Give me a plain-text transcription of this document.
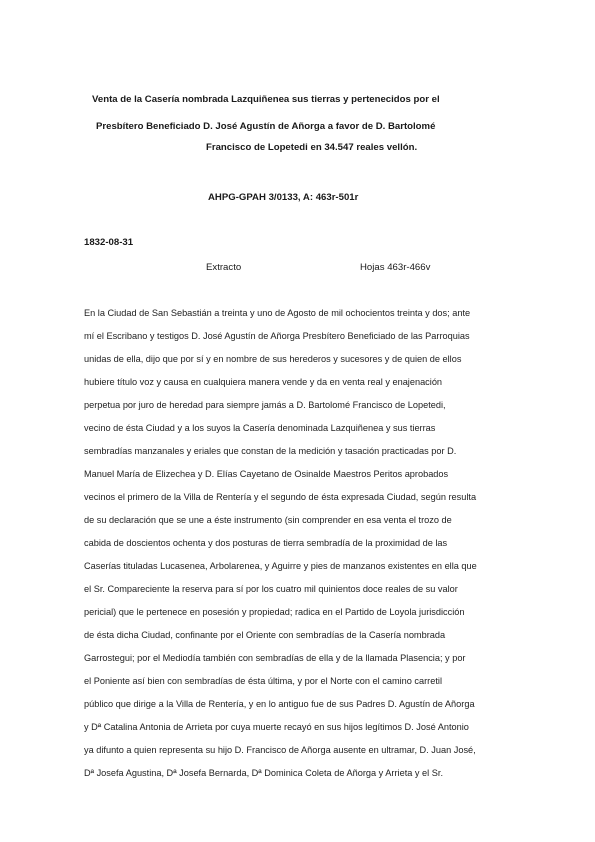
Venta de la Casería nombrada Lazquiñenea sus tierras y pertenecidos por el
Presbítero Beneficiado D. José Agustín de Añorga a favor de D. Bartolomé
Francisco de Lopetedi en 34.547 reales vellón.
AHPG-GPAH 3/0133, A: 463r-501r
1832-08-31
Extracto	Hojas 463r-466v
En la Ciudad de San Sebastián a treinta y uno de Agosto de mil ochocientos treinta y dos; ante
mí el Escribano y testigos D. José Agustín de Añorga Presbítero Beneficiado de las Parroquias
unidas de ella, dijo que por sí y en nombre de sus herederos y sucesores y de quien de ellos
hubiere título voz y causa en cualquiera manera vende y da en venta real y enajenación
perpetua por juro de heredad para siempre jamás a D. Bartolomé Francisco de Lopetedi,
vecino de ésta Ciudad y a los suyos la Casería denominada Lazquiñenea y sus tierras
sembradías manzanales y eriales que constan de la medición y tasación practicadas por D.
Manuel María de Elizechea y D. Elías Cayetano de Osinalde Maestros Peritos aprobados
vecinos el primero de la Villa de Rentería y el segundo de ésta expresada Ciudad, según resulta
de su declaración que se une a éste instrumento (sin comprender en esa venta el trozo de
cabida de doscientos ochenta y dos posturas de tierra sembradía de la proximidad de las
Caserías tituladas Lucasenea, Arbolarenea, y Aguirre y pies de manzanos existentes en ella que
el Sr. Compareciente la reserva para sí por los cuatro mil quinientos doce reales de su valor
pericial) que le pertenece en posesión y propiedad; radica en el Partido de Loyola jurisdicción
de ésta dicha Ciudad, confinante por el Oriente con sembradías de la Casería nombrada
Garrostegui; por el Mediodía también con sembradías de ella y de la llamada Plasencia; y por
el Poniente así bien con sembradías de ésta última, y por el Norte con el camino carretil
público que dirige a la Villa de Rentería, y en lo antiguo fue de sus Padres D. Agustín de Añorga
y Dª Catalina Antonia de Arrieta por cuya muerte recayó en sus hijos legítimos D. José Antonio
ya difunto a quien representa su hijo D. Francisco de Añorga ausente en ultramar, D. Juan José,
Dª Josefa Agustina, Dª Josefa Bernarda, Dª Dominica Coleta de Añorga y Arrieta y el Sr.
